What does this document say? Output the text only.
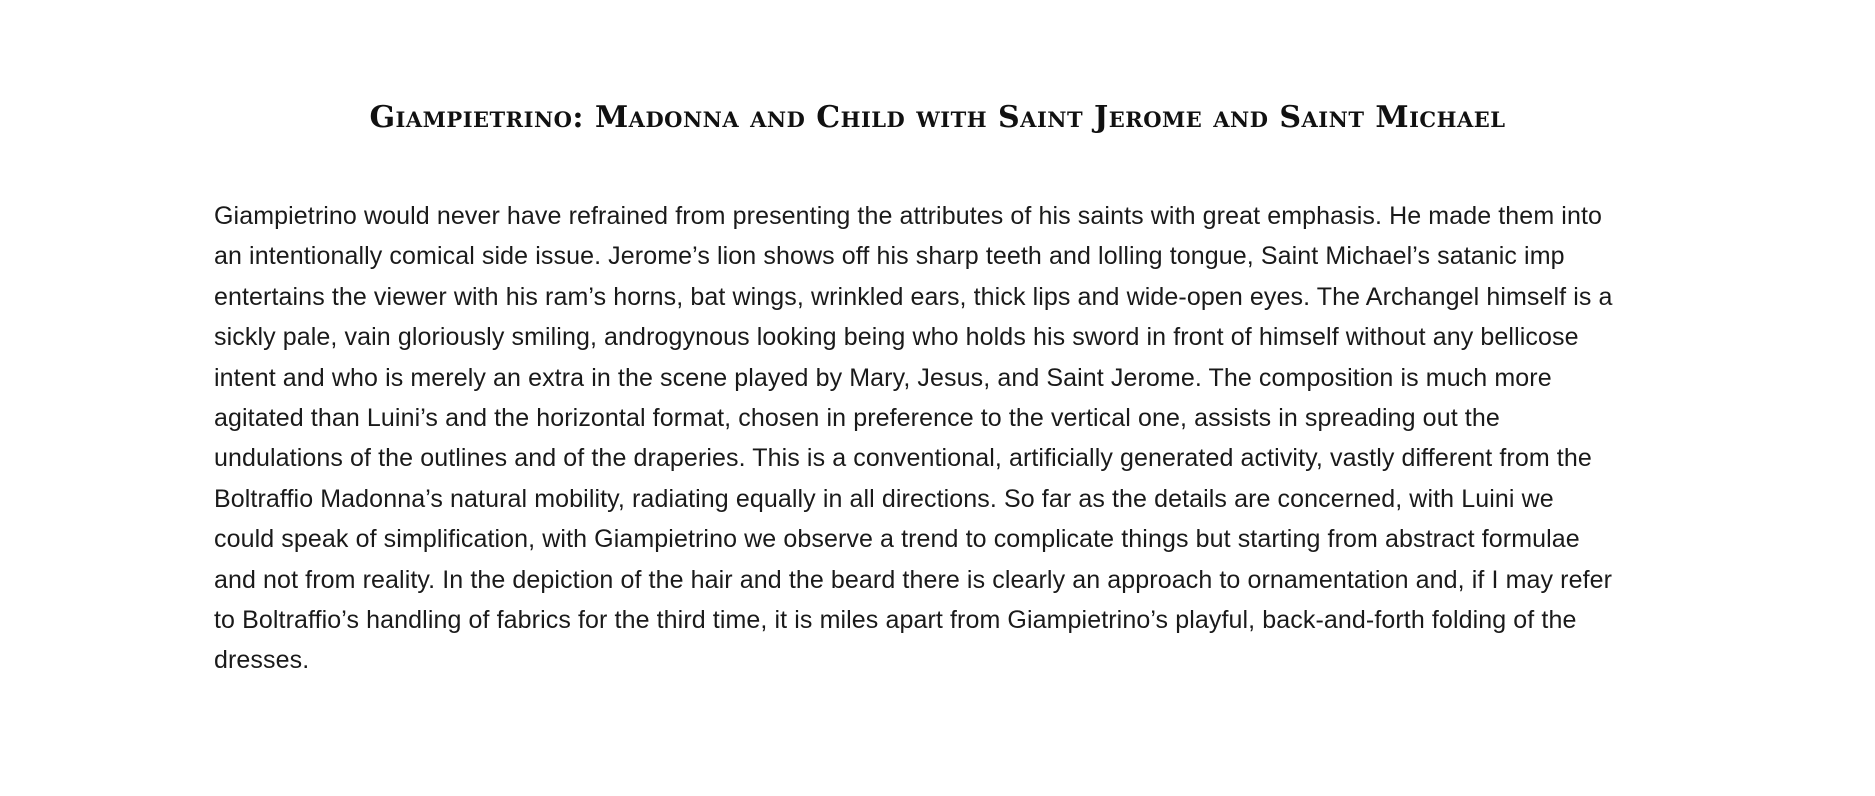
Giampietrino: Madonna and Child with Saint Jerome and Saint Michael

Giampietrino would never have refrained from presenting the attributes of his saints with great emphasis. He made them into an intentionally comical side issue. Jerome’s lion shows off his sharp teeth and lolling tongue, Saint Michael’s satanic imp entertains the viewer with his ram’s horns, bat wings, wrinkled ears, thick lips and wide-open eyes. The Archangel himself is a sickly pale, vain gloriously smiling, androgynous looking being who holds his sword in front of himself without any bellicose intent and who is merely an extra in the scene played by Mary, Jesus, and Saint Jerome. The composition is much more agitated than Luini’s and the horizontal format, chosen in preference to the vertical one, assists in spreading out the undulations of the outlines and of the draperies. This is a conventional, artificially generated activity, vastly different from the Boltraffio Madonna’s natural mobility, radiating equally in all directions. So far as the details are concerned, with Luini we could speak of simplification, with Giampietrino we observe a trend to complicate things but starting from abstract formulae and not from reality. In the depiction of the hair and the beard there is clearly an approach to ornamentation and, if I may refer to Boltraffio’s handling of fabrics for the third time, it is miles apart from Giampietrino’s playful, back-and-forth folding of the dresses.
